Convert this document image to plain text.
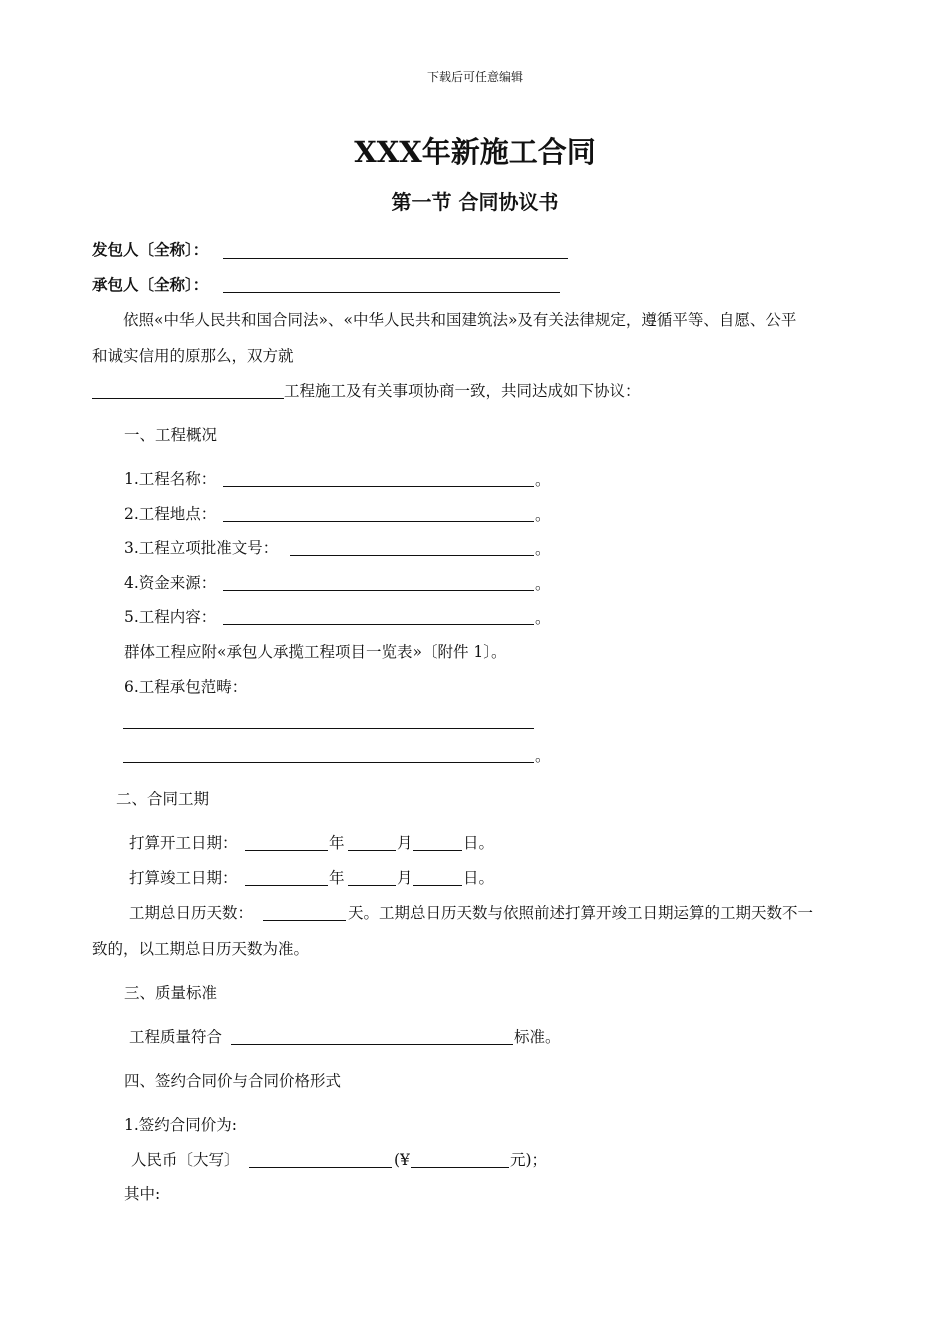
下载后可任意编辑
XXX年新施工合同
第一节 合同协议书
发包人〔全称〕：
承包人〔全称〕：
依照«中华人民共和国合同法»、«中华人民共和国建筑法»及有关法律规定，遵循平等、自愿、公平
和诚实信用的原那么，双方就
工程施工及有关事项协商一致，共同达成如下协议：
一、工程概况
1.工程名称：	。
2.工程地点：	。
3.工程立项批准文号：	。
4.资金来源：	。
5.工程内容：	。
群体工程应附«承包人承揽工程项目一览表»〔附件 1〕。
6.工程承包范畴：
。
二、合同工期
打算开工日期：	年	月	日。
打算竣工日期：	年	月	日。
工期总日历天数：	天。工期总日历天数与依照前述打算开竣工日期运算的工期天数不一
致的，以工期总日历天数为准。
三、质量标准
工程质量符合	标准。
四、签约合同价与合同价格形式
1.签约合同价为:
人民币〔大写〕	(¥	元)；
其中:
